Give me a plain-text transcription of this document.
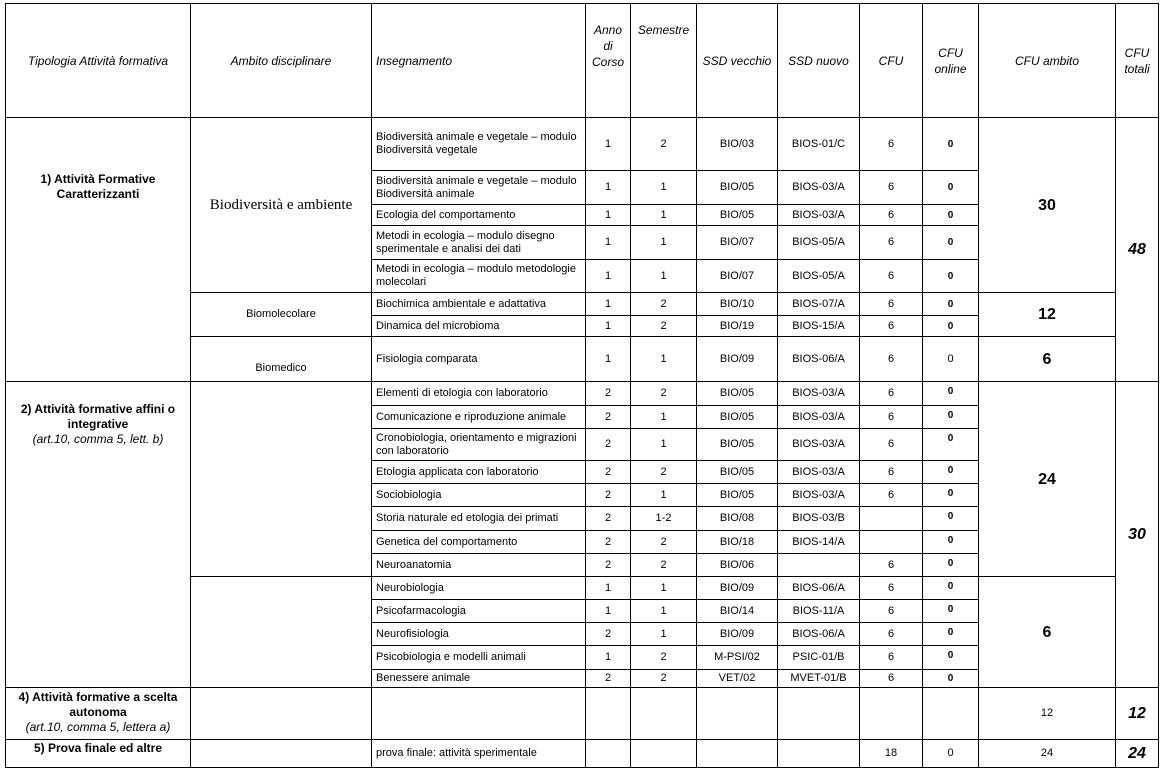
Tipologia Attività formativa	Ambito disciplinare	Insegnamento	Anno di Corso	Semestre	SSD vecchio	SSD nuovo	CFU	CFU online	CFU ambito	CFU totali

1) Attività Formative Caratterizzanti	Biodiversità e ambiente	Biodiversità animale e vegetale – modulo Biodiversità vegetale	1	2	BIO/03	BIOS-01/C	6	0	30	48
		Biodiversità animale e vegetale – modulo Biodiversità animale	1	1	BIO/05	BIOS-03/A	6	0		
		Ecologia del comportamento	1	1	BIO/05	BIOS-03/A	6	0		
		Metodi in ecologia – modulo disegno sperimentale e analisi dei dati	1	1	BIO/07	BIOS-05/A	6	0		
		Metodi in ecologia – modulo metodologie molecolari	1	1	BIO/07	BIOS-05/A	6	0		
	Biomolecolare	Biochimica ambientale e adattativa	1	2	BIO/10	BIOS-07/A	6	0	12	
		Dinamica del microbioma	1	2	BIO/19	BIOS-15/A	6	0		
	Biomedico	Fisiologia comparata	1	1	BIO/09	BIOS-06/A	6	0	6	

2) Attività formative affini o integrative
(art.10, comma 5, lett. b)		Elementi di etologia con laboratorio	2	2	BIO/05	BIOS-03/A	6	0	24	30
		Comunicazione e riproduzione animale	2	1	BIO/05	BIOS-03/A	6	0		
		Cronobiologia, orientamento e migrazioni con laboratorio	2	1	BIO/05	BIOS-03/A	6	0		
		Etologia applicata con laboratorio	2	2	BIO/05	BIOS-03/A	6	0		
		Sociobiologia	2	1	BIO/05	BIOS-03/A	6	0		
		Storia naturale ed etologia dei primati	2	1-2	BIO/08	BIOS-03/B		0		
		Genetica del comportamento	2	2	BIO/18	BIOS-14/A		0		
		Neuroanatomia	2	2	BIO/06		6	0		
		Neurobiologia	1	1	BIO/09	BIOS-06/A	6	0	6	
		Psicofarmacologia	1	1	BIO/14	BIOS-11/A	6	0		
		Neurofisiologia	2	1	BIO/09	BIOS-06/A	6	0		
		Psicobiologia e modelli animali	1	2	M-PSI/02	PSIC-01/B	6	0		
		Benessere animale	2	2	VET/02	MVET-01/B	6	0		

4) Attività formative a scelta autonoma
(art.10, comma 5, lettera a)									12	12
5) Prova finale ed altre		prova finale: attività sperimentale					18	0	24	24
